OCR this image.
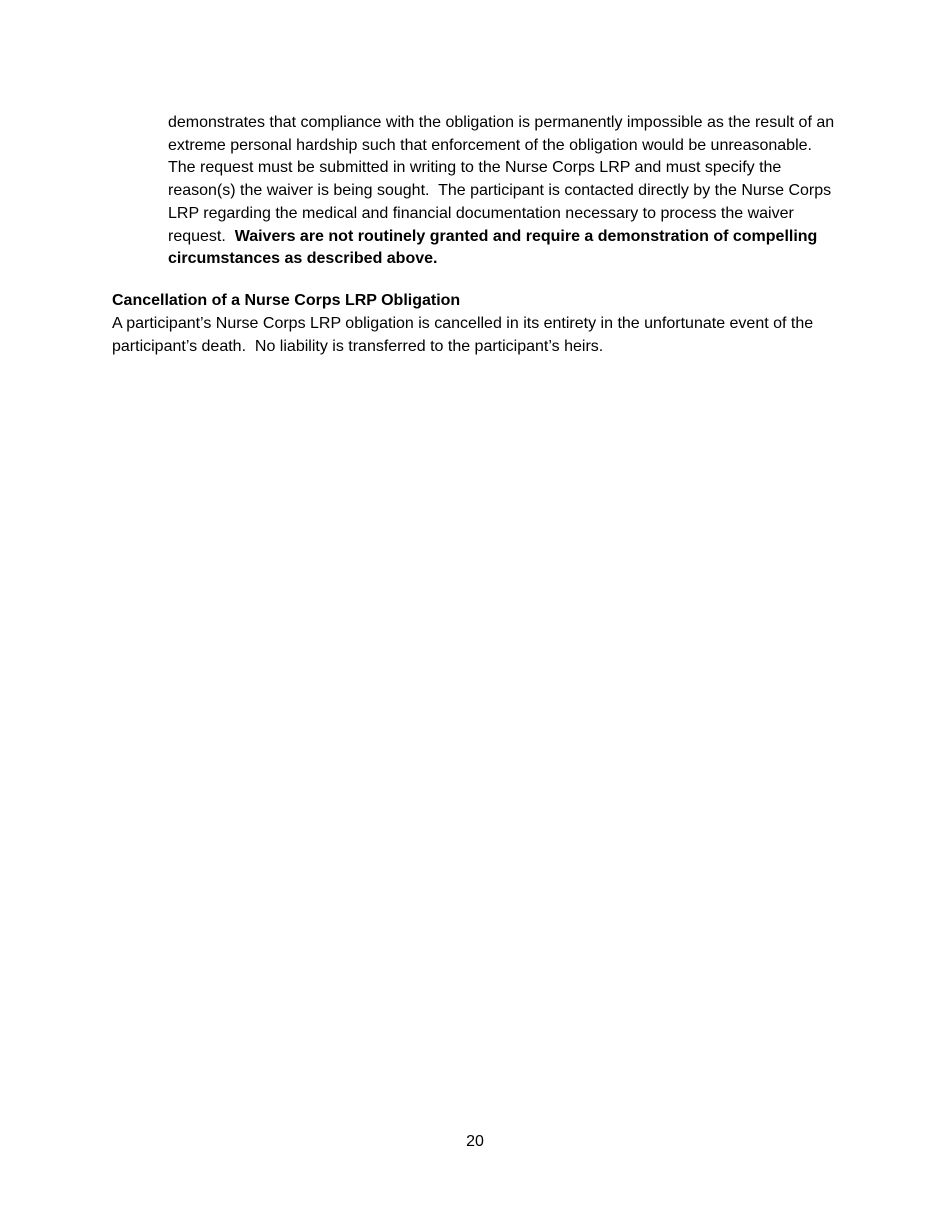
demonstrates that compliance with the obligation is permanently impossible as the result of an extreme personal hardship such that enforcement of the obligation would be unreasonable.  The request must be submitted in writing to the Nurse Corps LRP and must specify the reason(s) the waiver is being sought.  The participant is contacted directly by the Nurse Corps LRP regarding the medical and financial documentation necessary to process the waiver request.  Waivers are not routinely granted and require a demonstration of compelling circumstances as described above.

Cancellation of a Nurse Corps LRP Obligation

A participant’s Nurse Corps LRP obligation is cancelled in its entirety in the unfortunate event of the participant’s death.  No liability is transferred to the participant’s heirs.

20
